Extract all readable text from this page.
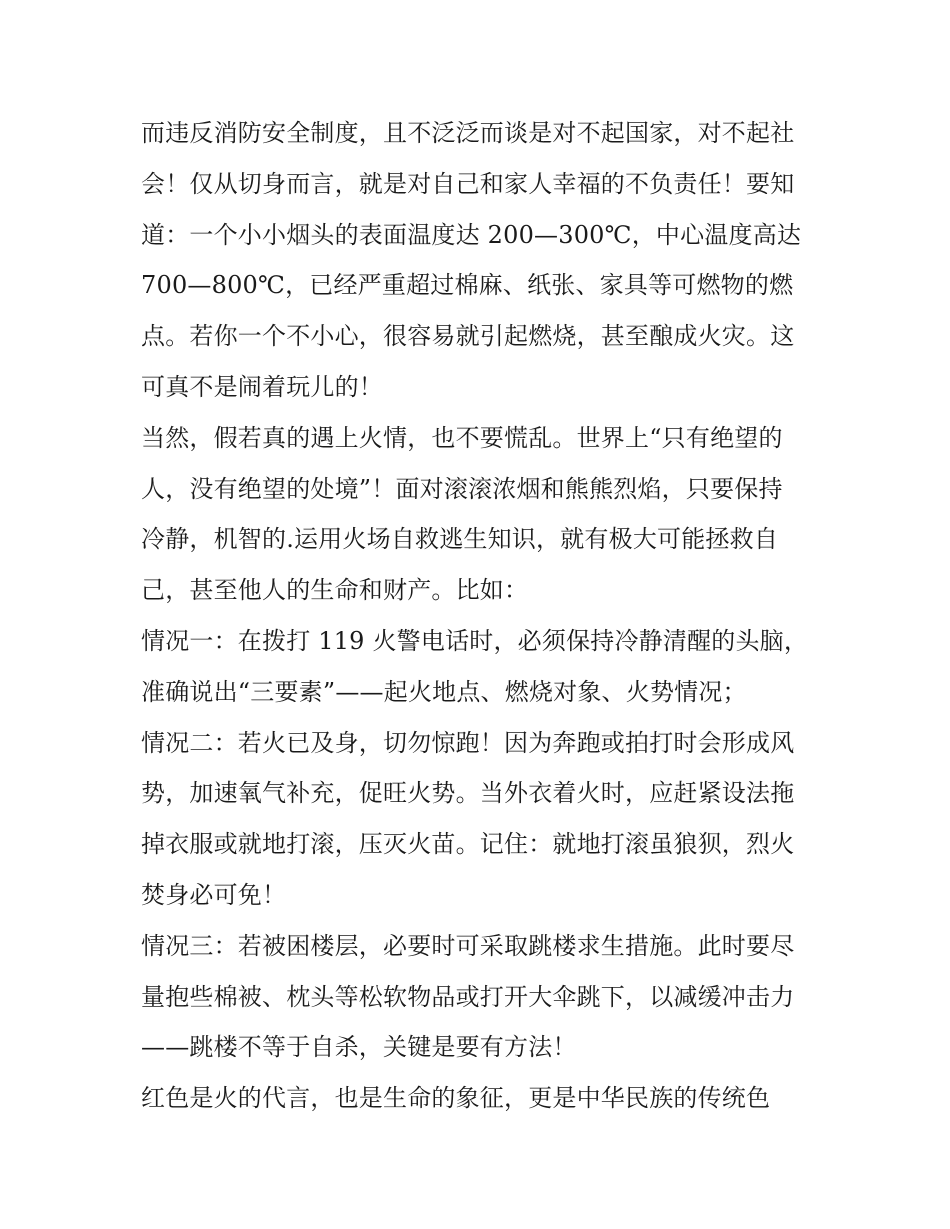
而违反消防安全制度，且不泛泛而谈是对不起国家，对不起社
会！仅从切身而言，就是对自己和家人幸福的不负责任！要知
道：一个小小烟头的表面温度达 200—300℃，中心温度高达
700—800℃，已经严重超过棉麻、纸张、家具等可燃物的燃
点。若你一个不小心，很容易就引起燃烧，甚至酿成火灾。这
可真不是闹着玩儿的！
当然，假若真的遇上火情，也不要慌乱。世界上“只有绝望的
人，没有绝望的处境”！面对滚滚浓烟和熊熊烈焰，只要保持
冷静，机智的.运用火场自救逃生知识，就有极大可能拯救自
己，甚至他人的生命和财产。比如：
情况一：在拨打 119 火警电话时，必须保持冷静清醒的头脑，
准确说出“三要素”——起火地点、燃烧对象、火势情况；
情况二：若火已及身，切勿惊跑！因为奔跑或拍打时会形成风
势，加速氧气补充，促旺火势。当外衣着火时，应赶紧设法拖
掉衣服或就地打滚，压灭火苗。记住：就地打滚虽狼狈，烈火
焚身必可免！
情况三：若被困楼层，必要时可采取跳楼求生措施。此时要尽
量抱些棉被、枕头等松软物品或打开大伞跳下，以减缓冲击力
——跳楼不等于自杀，关键是要有方法！
红色是火的代言，也是生命的象征，更是中华民族的传统色
